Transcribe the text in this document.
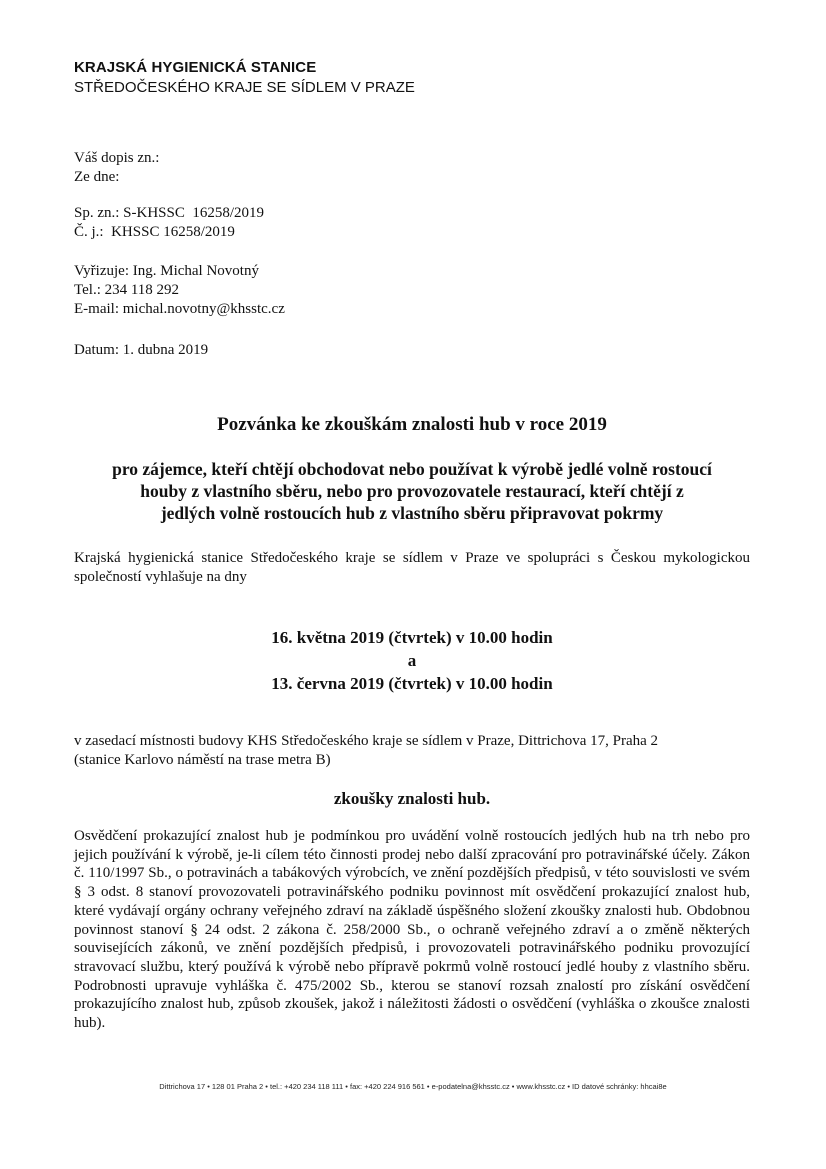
KRAJSKÁ HYGIENICKÁ STANICE
STŘEDOČESKÉHO KRAJE SE SÍDLEM V PRAZE
Váš dopis zn.:
Ze dne:
Sp. zn.: S-KHSSC  16258/2019
Č. j.:  KHSSC 16258/2019
Vyřizuje: Ing. Michal Novotný
Tel.: 234 118 292
E-mail: michal.novotny@khsstc.cz
Datum: 1. dubna 2019
Pozvánka ke zkouškám znalosti hub v roce 2019
pro zájemce, kteří chtějí obchodovat nebo používat k výrobě jedlé volně rostoucí
houby z vlastního sběru, nebo pro provozovatele restaurací, kteří chtějí z
jedlých volně rostoucích hub z vlastního sběru připravovat pokrmy
Krajská hygienická stanice Středočeského kraje se sídlem v Praze ve spolupráci s Českou mykologickou společností vyhlašuje na dny
16. května 2019 (čtvrtek) v 10.00 hodin
a
13. června 2019 (čtvrtek) v 10.00 hodin
v zasedací místnosti budovy KHS Středočeského kraje se sídlem v Praze, Dittrichova 17, Praha 2
(stanice Karlovo náměstí na trase metra B)
zkoušky znalosti hub.
Osvědčení prokazující znalost hub je podmínkou pro uvádění volně rostoucích jedlých hub na trh nebo pro jejich používání k výrobě, je-li cílem této činnosti prodej nebo další zpracování pro potravinářské účely. Zákon č. 110/1997 Sb., o potravinách a tabákových výrobcích, ve znění pozdějších předpisů, v této souvislosti ve svém § 3 odst. 8 stanoví provozovateli potravinářského podniku povinnost mít osvědčení prokazující znalost hub, které vydávají orgány ochrany veřejného zdraví na základě úspěšného složení zkoušky znalosti hub. Obdobnou povinnost stanoví § 24 odst. 2 zákona č. 258/2000 Sb., o ochraně veřejného zdraví a o změně některých souvisejících zákonů, ve znění pozdějších předpisů, i provozovateli potravinářského podniku provozující stravovací službu, který používá k výrobě nebo přípravě pokrmů volně rostoucí jedlé houby z vlastního sběru. Podrobnosti upravuje vyhláška č. 475/2002 Sb., kterou se stanoví rozsah znalostí pro získání osvědčení prokazujícího znalost hub, způsob zkoušek, jakož i náležitosti žádosti o osvědčení (vyhláška o zkoušce znalosti hub).
Dittrichova 17 • 128 01 Praha 2 • tel.: +420 234 118 111 • fax: +420 224 916 561 • e-podatelna@khsstc.cz • www.khsstc.cz • ID datové schránky: hhcai8e
